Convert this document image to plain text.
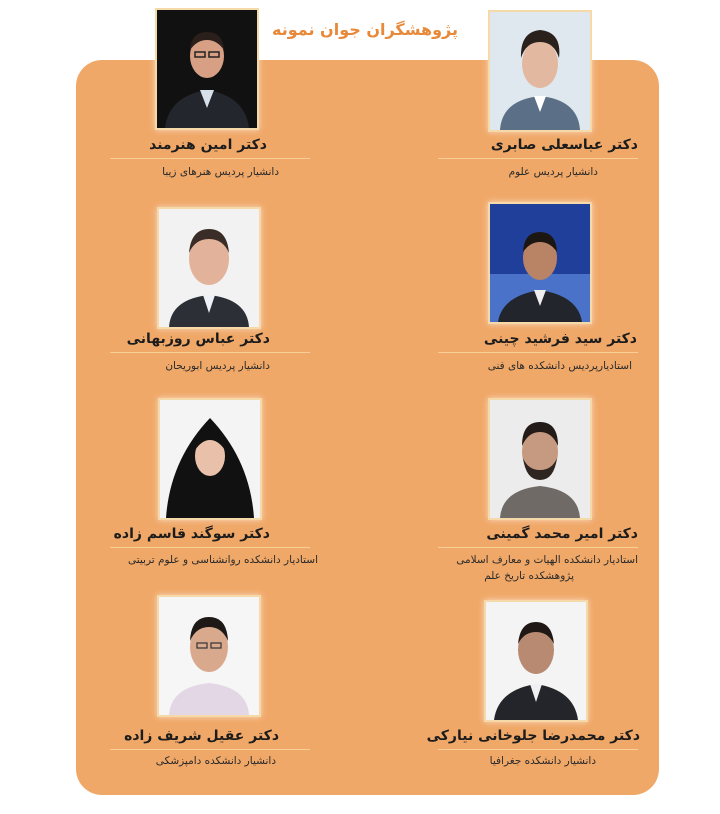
پژوهشگران جوان نمونه
دکتر عباسعلی صابری
دانشیار پردیس علوم
دکتر امین هنرمند
دانشیار پردیس هنرهای زیبا
دکتر سید فرشید چینی
استادیارپردیس دانشکده های فنی
دکتر عباس روزبهانی
دانشیار پردیس ابوریحان
دکتر امیر محمد گمینی
استادیار دانشکده الهیات و معارف اسلامی
پژوهشکده تاریخ علم
دکتر سوگند قاسم زاده
استادیار دانشکده روانشناسی و علوم تربیتی
دکتر محمدرضا جلوخانی نیارکی
دانشیار دانشکده جغرافیا
دکتر عقیل شریف زاده
دانشیار دانشکده دامپزشکی
